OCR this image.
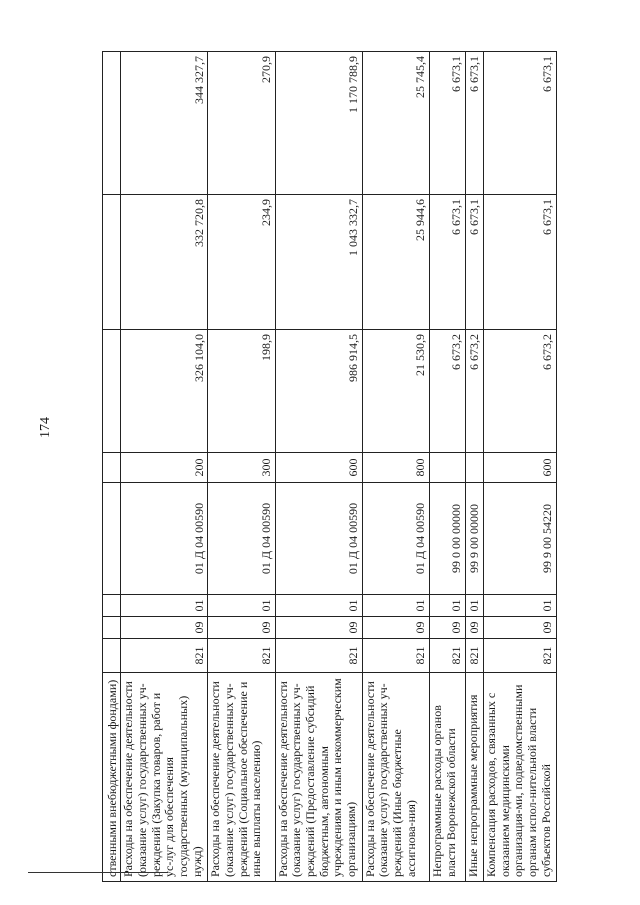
174
ственными внебюджетными фондами)								
Расходы на обеспечение деятельности (оказание услуг) государственных уч-реждений (Закупка товаров, работ и ус-луг для обеспечения государственных (муниципальных) нужд)	821	09	01	01 Д 04 00590	200	326 104,0	332 720,8	344 327,7
Расходы на обеспечение деятельности (оказание услуг) государственных уч-реждений (Социальное обеспечение и иные выплаты населению)	821	09	01	01 Д 04 00590	300	198,9	234,9	270,9
Расходы на обеспечение деятельности (оказание услуг) государственных уч-реждений (Предоставление субсидий бюджетным, автономным учреждениям и иным некоммерческим организациям)	821	09	01	01 Д 04 00590	600	986 914,5	1 043 332,7	1 170 788,9
Расходы на обеспечение деятельности (оказание услуг) государственных уч-реждений (Иные бюджетные ассигнова-ния)	821	09	01	01 Д 04 00590	800	21 530,9	25 944,6	25 745,4
Непрограммные расходы органов власти Воронежской области	821	09	01	99 0 00 00000		6 673,2	6 673,1	6 673,1
Иные непрограммные мероприятия	821	09	01	99 9 00 00000		6 673,2	6 673,1	6 673,1
Компенсация расходов, связанных с оказанием медицинскими организация-ми, подведомственными органам испол-нительной власти субъектов Российской	821	09	01	99 9 00 54220	600	6 673,2	6 673,1	6 673,1
